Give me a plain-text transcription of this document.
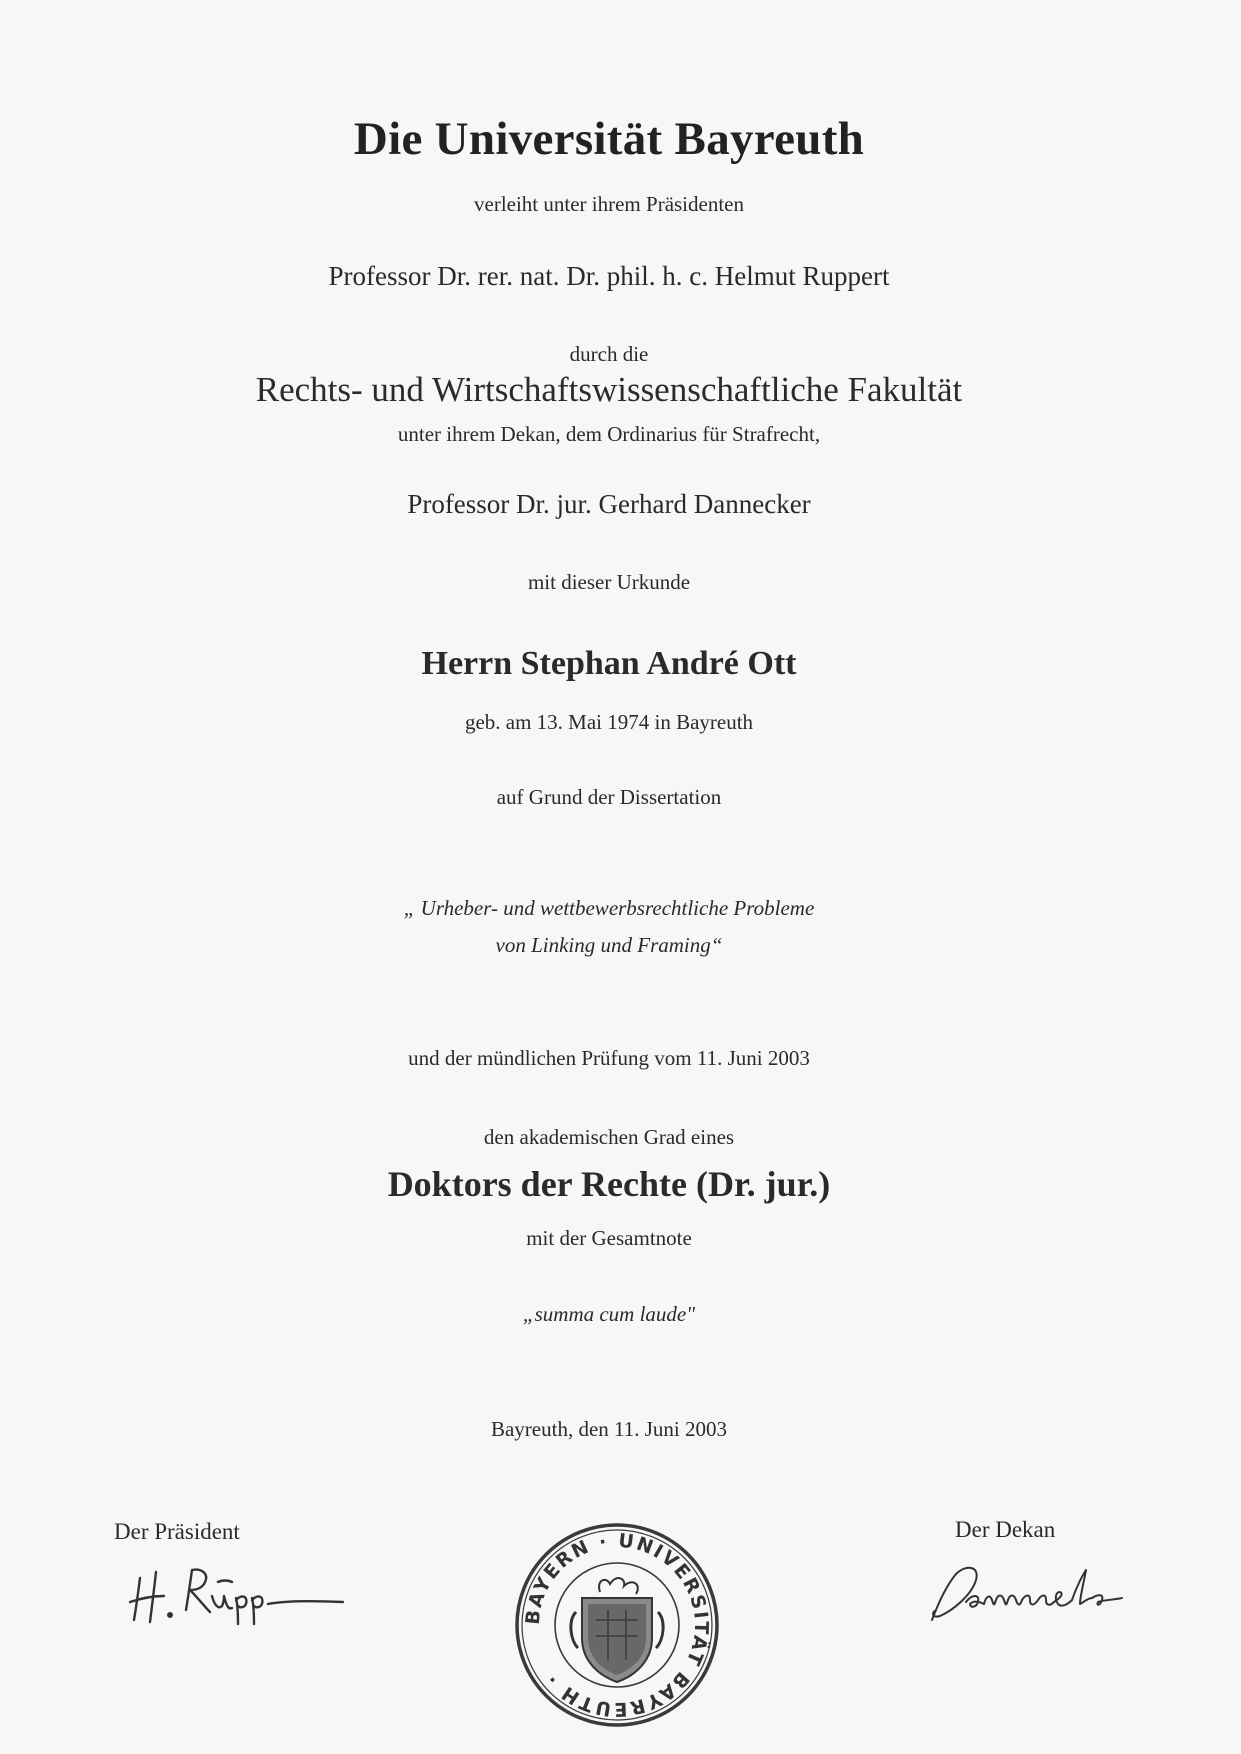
Die Universität Bayreuth
verleiht unter ihrem Präsidenten
Professor Dr. rer. nat. Dr. phil. h. c. Helmut Ruppert
durch die
Rechts- und Wirtschaftswissenschaftliche Fakultät
unter ihrem Dekan, dem Ordinarius für Strafrecht,
Professor Dr. jur. Gerhard Dannecker
mit dieser Urkunde
Herrn Stephan André Ott
geb. am 13. Mai 1974 in Bayreuth
auf Grund der Dissertation
„ Urheber- und wettbewerbsrechtliche Probleme
von Linking und Framing“
und der mündlichen Prüfung vom 11. Juni 2003
den akademischen Grad eines
Doktors der Rechte (Dr. jur.)
mit der Gesamtnote
„summa cum laude"
Bayreuth, den 11. Juni 2003
Der Präsident	Der Dekan
BAYERN · UNIVERSITÄT BAYREUTH ·
